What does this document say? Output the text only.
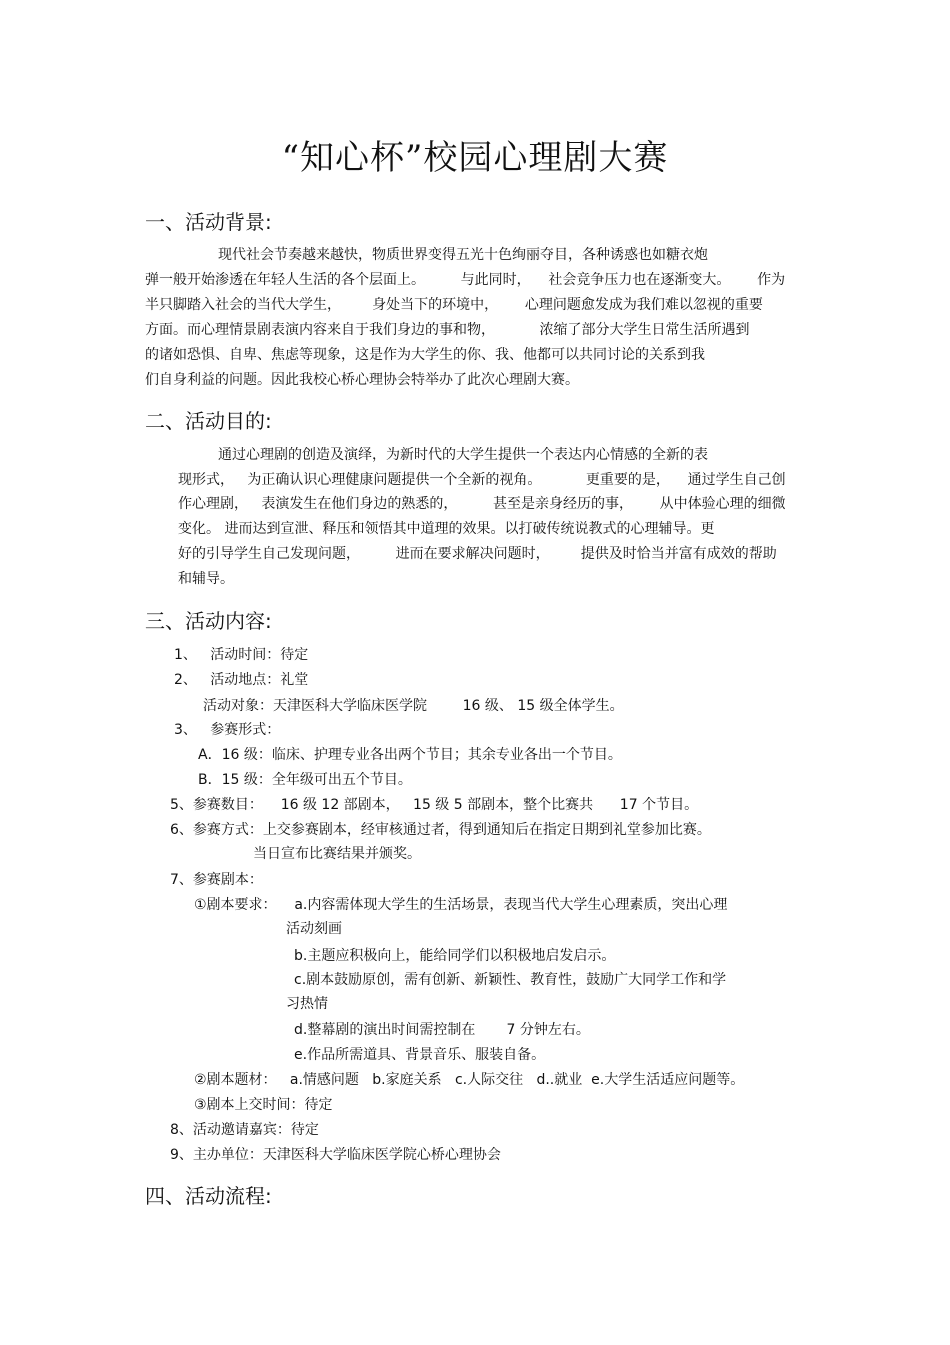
“知心杯”校园心理剧大赛
一、活动背景:
现代社会节奏越来越快，物质世界变得五光十色绚丽夺目，各种诱惑也如糖衣炮
弹一般开始渗透在年轻人生活的各个层面上。        与此同时，    社会竞争压力也在逐渐变大。      作为
半只脚踏入社会的当代大学生，       身处当下的环境中，      心理问题愈发成为我们难以忽视的重要
方面。而心理情景剧表演内容来自于我们身边的事和物，          浓缩了部分大学生日常生活所遇到
的诸如恐惧、自卑、焦虑等现象，这是作为大学生的你、我、他都可以共同讨论的关系到我
们自身利益的问题。因此我校心桥心理协会特举办了此次心理剧大赛。
二、活动目的:
通过心理剧的创造及演绎，为新时代的大学生提供一个表达内心情感的全新的表
现形式，   为正确认识心理健康问题提供一个全新的视角。          更重要的是，    通过学生自己创
作心理剧，   表演发生在他们身边的熟悉的，        甚至是亲身经历的事，      从中体验心理的细微
变化。 进而达到宣泄、释压和领悟其中道理的效果。以打破传统说教式的心理辅导。更
好的引导学生自己发现问题，        进而在要求解决问题时，       提供及时恰当并富有成效的帮助
和辅导。
三、活动内容:
1、   活动时间：待定
2、   活动地点：礼堂
活动对象：天津医科大学临床医学院        16 级、 15 级全体学生。
3、   参赛形式：
A．16 级：临床、护理专业各出两个节目；其余专业各出一个节目。
B．15 级：全年级可出五个节目。
5、参赛数目：    16 级 12 部剧本，   15 级 5 部剧本，整个比赛共      17 个节目。
6、参赛方式：上交参赛剧本，经审核通过者，得到通知后在指定日期到礼堂参加比赛。
当日宣布比赛结果并颁奖。
7、参赛剧本：
①剧本要求：    a.内容需体现大学生的生活场景，表现当代大学生心理素质，突出心理
活动刻画
b.主题应积极向上，能给同学们以积极地启发启示。
c.剧本鼓励原创，需有创新、新颖性、教育性，鼓励广大同学工作和学
习热情
d.整幕剧的演出时间需控制在       7 分钟左右。
e.作品所需道具、背景音乐、服装自备。
②剧本题材：   a.情感问题   b.家庭关系   c.人际交往   d..就业  e.大学生活适应问题等。
③剧本上交时间：待定
8、活动邀请嘉宾：待定
9、主办单位：天津医科大学临床医学院心桥心理协会
四、活动流程:
